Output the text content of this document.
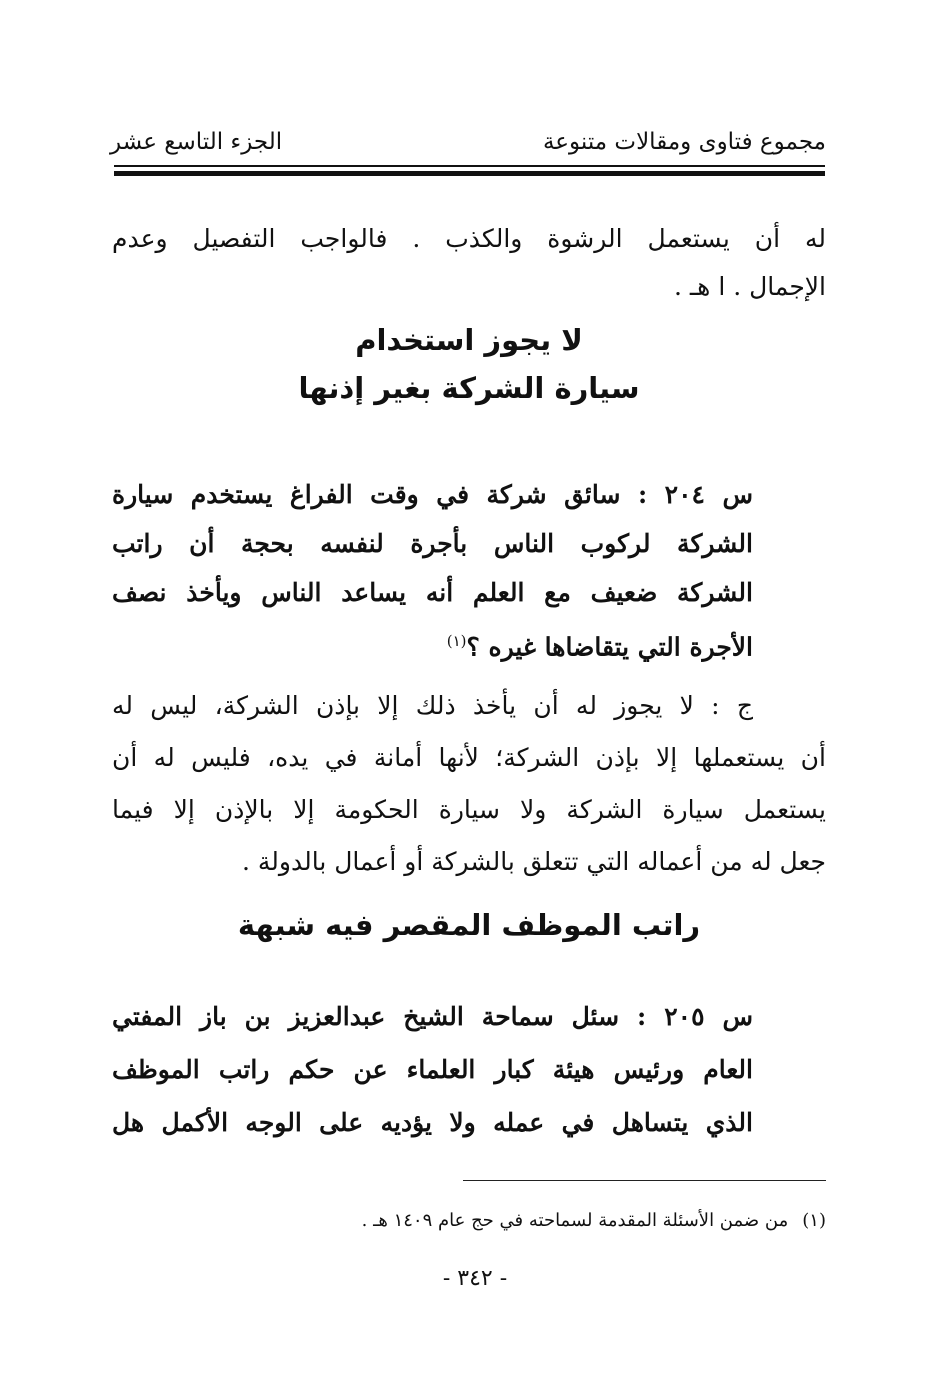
مجموع فتاوى ومقالات متنوعة
الجزء التاسع عشر
له أن يستعمل الرشوة والكذب . فالواجب التفصيل وعدم
الإجمال . ا هـ .
لا يجوز استخدام
سيارة الشركة بغير إذنها
س ٢٠٤ : سائق شركة في وقت الفراغ يستخدم سيارة
الشركة لركوب الناس بأجرة لنفسه بحجة أن راتب
الشركة ضعيف مع العلم أنه يساعد الناس ويأخذ نصف
الأجرة التي يتقاضاها غيره ؟$^{(١)}$
ج : لا يجوز له أن يأخذ ذلك إلا بإذن الشركة، ليس له
أن يستعملها إلا بإذن الشركة؛ لأنها أمانة في يده، فليس له أن
يستعمل سيارة الشركة ولا سيارة الحكومة إلا بالإذن إلا فيما
جعل له من أعماله التي تتعلق بالشركة أو أعمال بالدولة .
راتب الموظف المقصر فيه شبهة
س ٢٠٥ : سئل سماحة الشيخ عبدالعزيز بن باز المفتي
العام ورئيس هيئة كبار العلماء عن حكم راتب الموظف
الذي يتساهل في عمله ولا يؤديه على الوجه الأكمل هل
(١)من ضمن الأسئلة المقدمة لسماحته في حج عام ١٤٠٩ هـ .
- ٣٤٢ -
